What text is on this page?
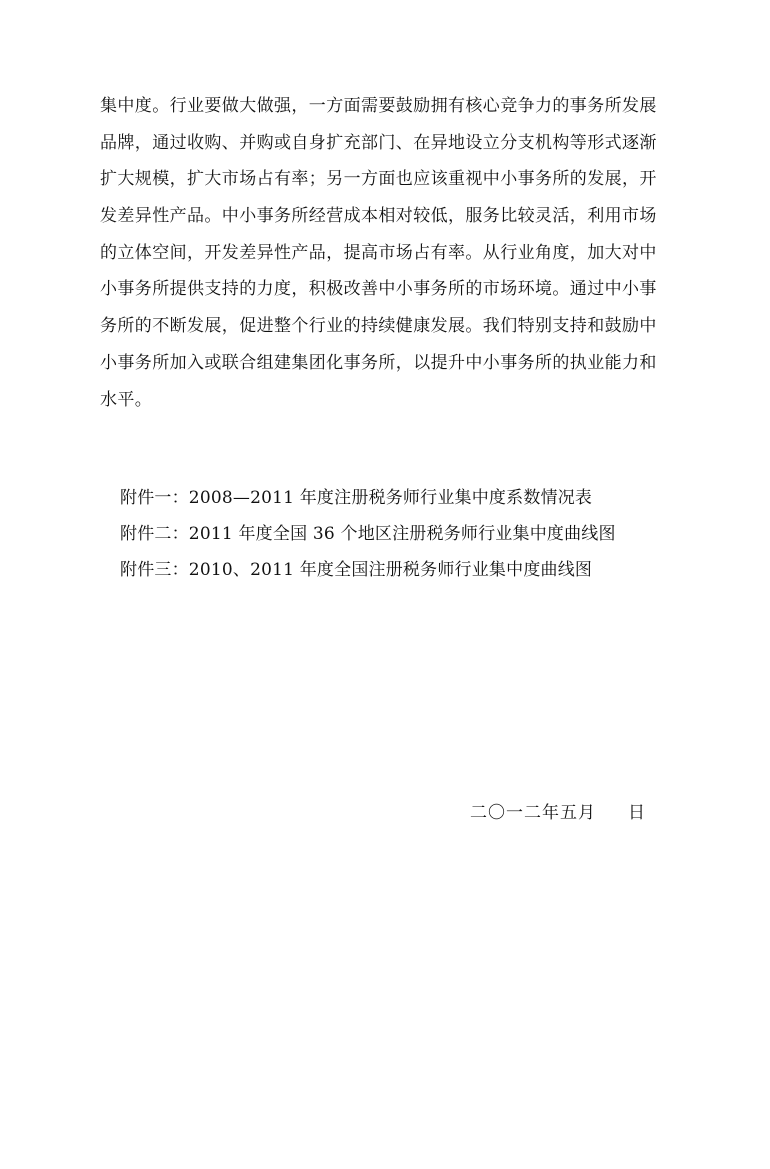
集中度。行业要做大做强，一方面需要鼓励拥有核心竞争力的事务所发展
品牌，通过收购、并购或自身扩充部门、在异地设立分支机构等形式逐渐
扩大规模，扩大市场占有率；另一方面也应该重视中小事务所的发展，开
发差异性产品。中小事务所经营成本相对较低，服务比较灵活，利用市场
的立体空间，开发差异性产品，提高市场占有率。从行业角度，加大对中
小事务所提供支持的力度，积极改善中小事务所的市场环境。通过中小事
务所的不断发展，促进整个行业的持续健康发展。我们特别支持和鼓励中
小事务所加入或联合组建集团化事务所，以提升中小事务所的执业能力和
水平。
附件一：2008—2011 年度注册税务师行业集中度系数情况表
附件二：2011 年度全国 36 个地区注册税务师行业集中度曲线图
附件三：2010、2011 年度全国注册税务师行业集中度曲线图
二〇一二年五月     日
